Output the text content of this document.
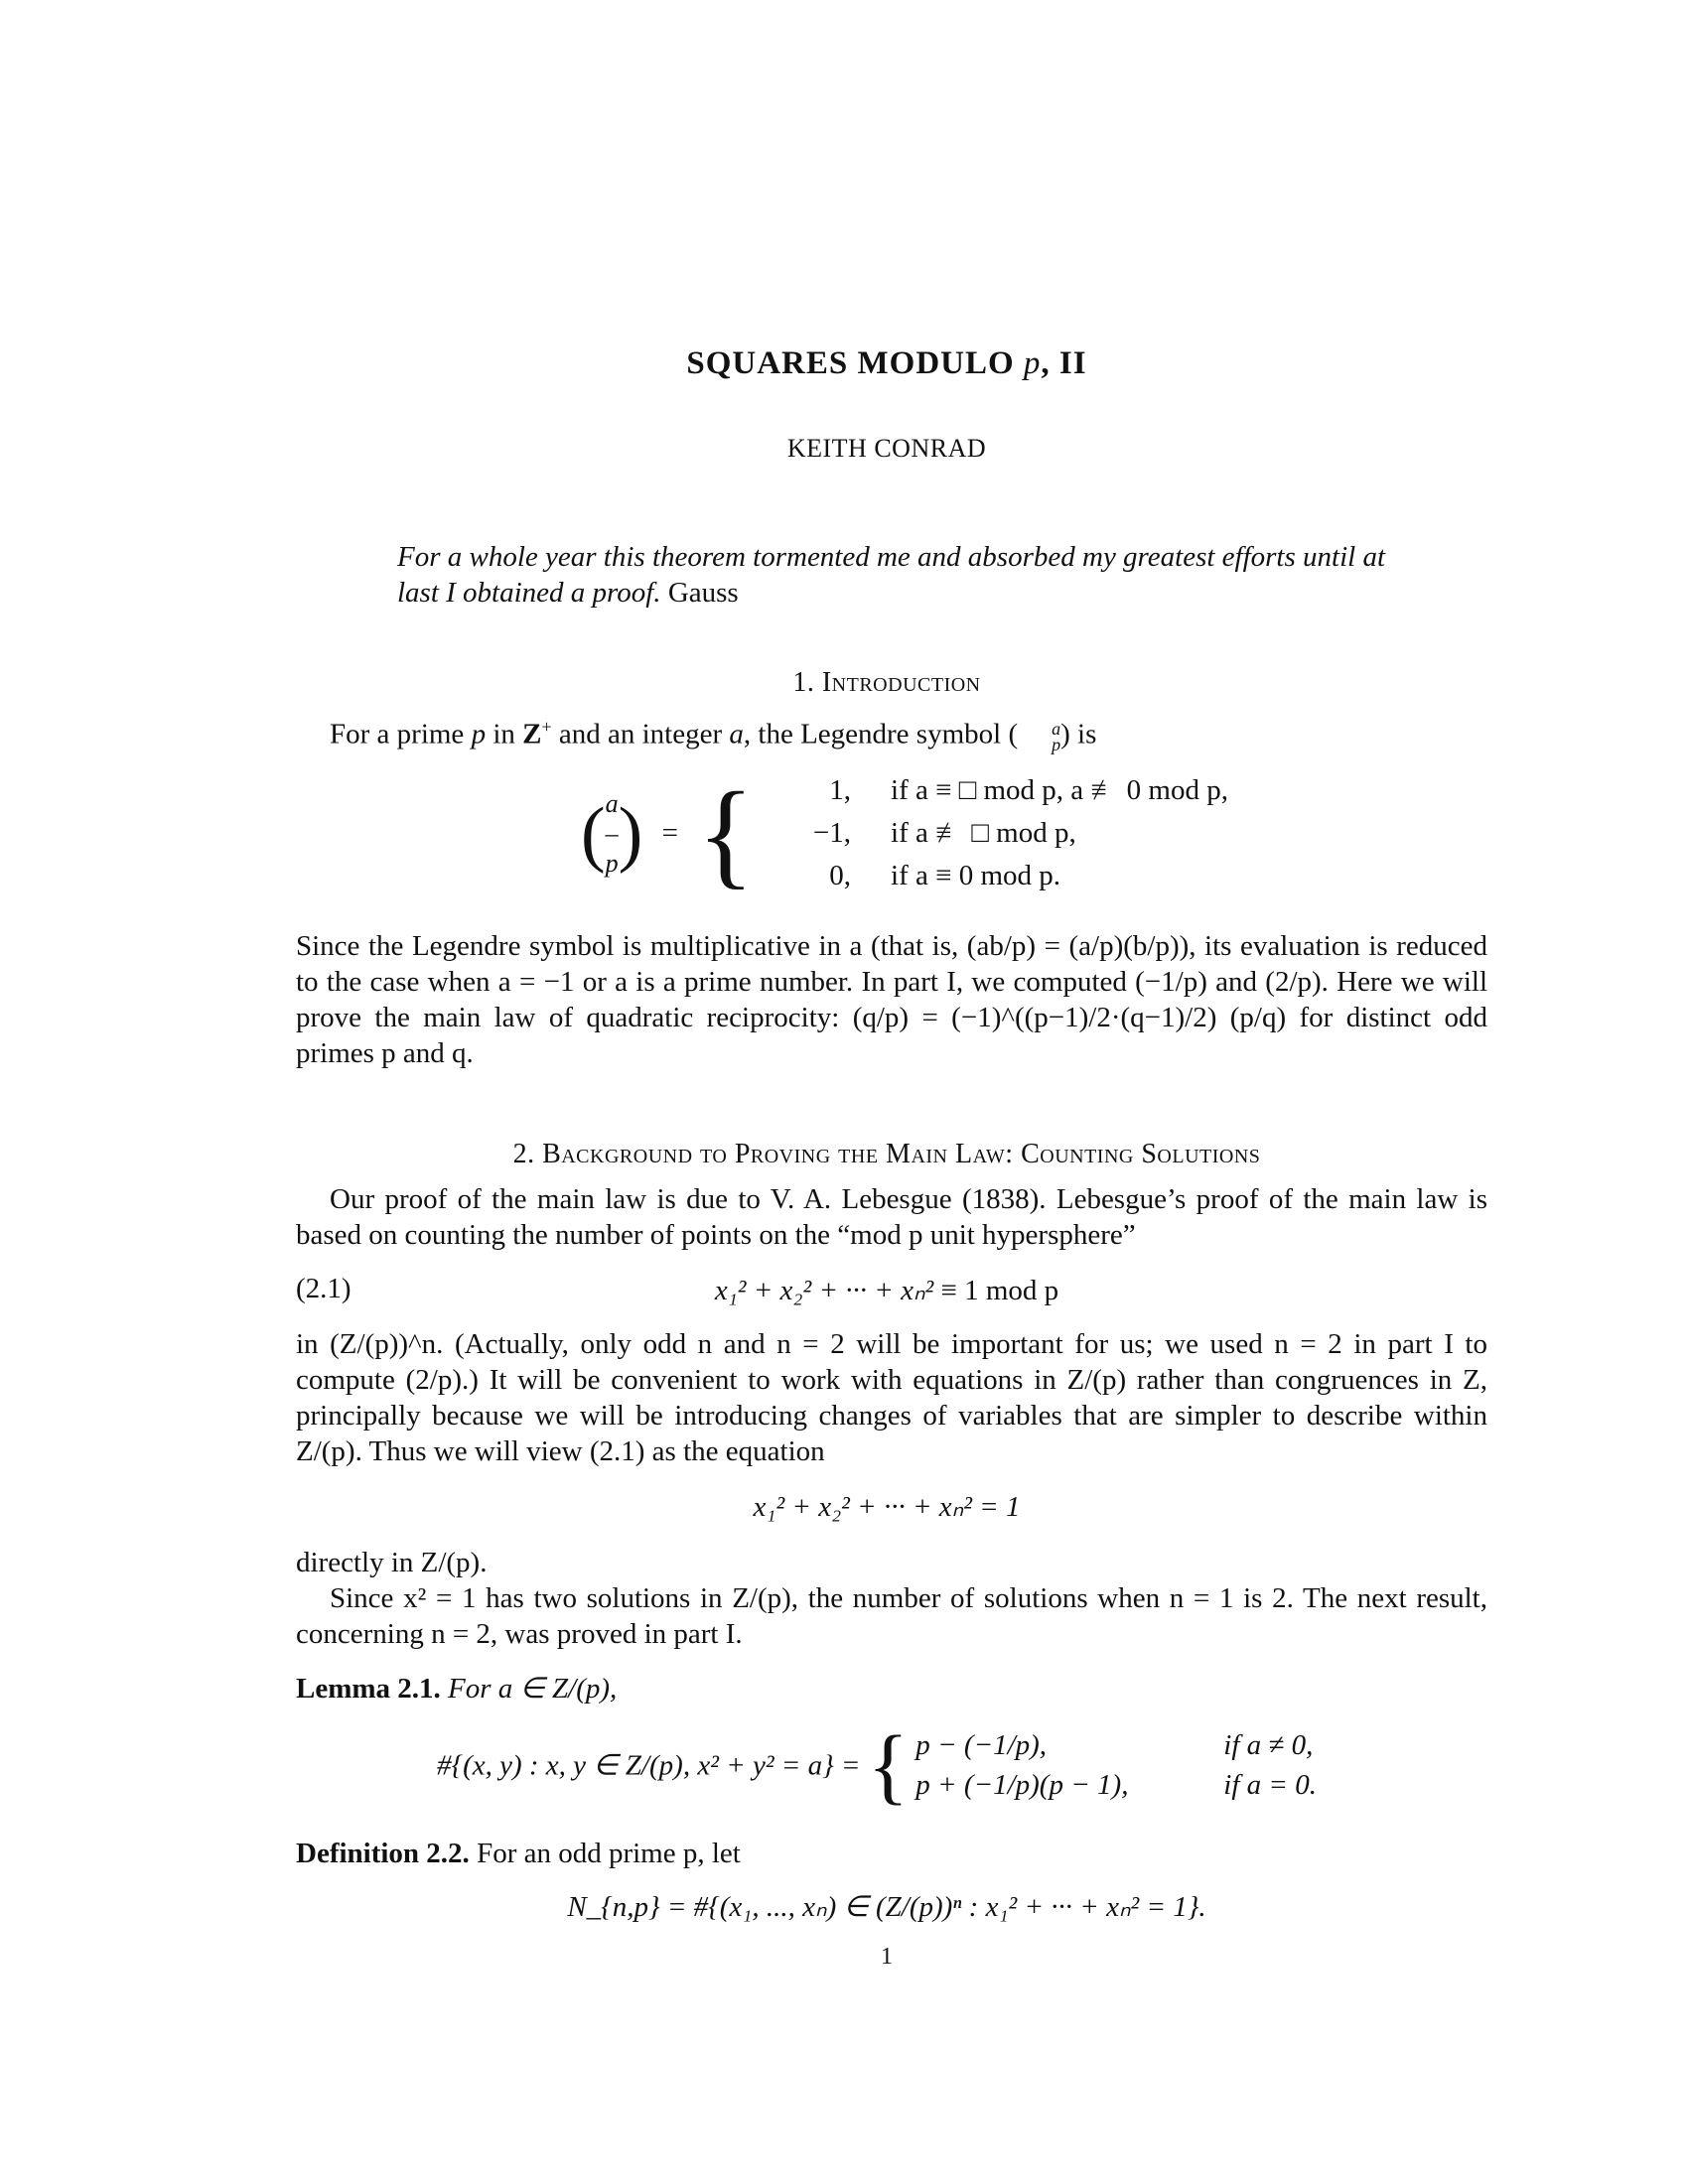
SQUARES MODULO p, II
KEITH CONRAD
For a whole year this theorem tormented me and absorbed my greatest efforts until at last I obtained a proof. Gauss
1. Introduction
For a prime p in Z+ and an integer a, the Legendre symbol (	a
p ) is
( a
–
p ) = {	1, if a ≡ □ mod p, a ≢ 0 mod p,
−1, if a ≢ □ mod p,
0, if a ≡ 0 mod p.
Since the Legendre symbol is multiplicative in a (that is, (ab/p) = (a/p)(b/p)), its evaluation is reduced to the case when a = −1 or a is a prime number. In part I, we computed (−1/p) and (2/p). Here we will prove the main law of quadratic reciprocity: (q/p) = (−1)^((p−1)/2·(q−1)/2) (p/q) for distinct odd primes p and q.
2. Background to Proving the Main Law: Counting Solutions
Our proof of the main law is due to V. A. Lebesgue (1838). Lebesgue’s proof of the main law is based on counting the number of points on the “mod p unit hypersphere”
(2.1)	x₁² + x₂² + ··· + xₙ² ≡ 1 mod p
in (Z/(p))^n. (Actually, only odd n and n = 2 will be important for us; we used n = 2 in part I to compute (2/p).) It will be convenient to work with equations in Z/(p) rather than congruences in Z, principally because we will be introducing changes of variables that are simpler to describe within Z/(p). Thus we will view (2.1) as the equation
x₁² + x₂² + ··· + xₙ² = 1
directly in Z/(p).
Since x² = 1 has two solutions in Z/(p), the number of solutions when n = 1 is 2. The next result, concerning n = 2, was proved in part I.
Lemma 2.1. For a ∈ Z/(p),
#{(x, y) : x, y ∈ Z/(p), x² + y² = a} = { p − (−1/p),	if a ≠ 0,
p + (−1/p)(p − 1),	if a = 0.
Definition 2.2. For an odd prime p, let
N_{n,p} = #{(x₁, ..., xₙ) ∈ (Z/(p))ⁿ : x₁² + ··· + xₙ² = 1}.
1
